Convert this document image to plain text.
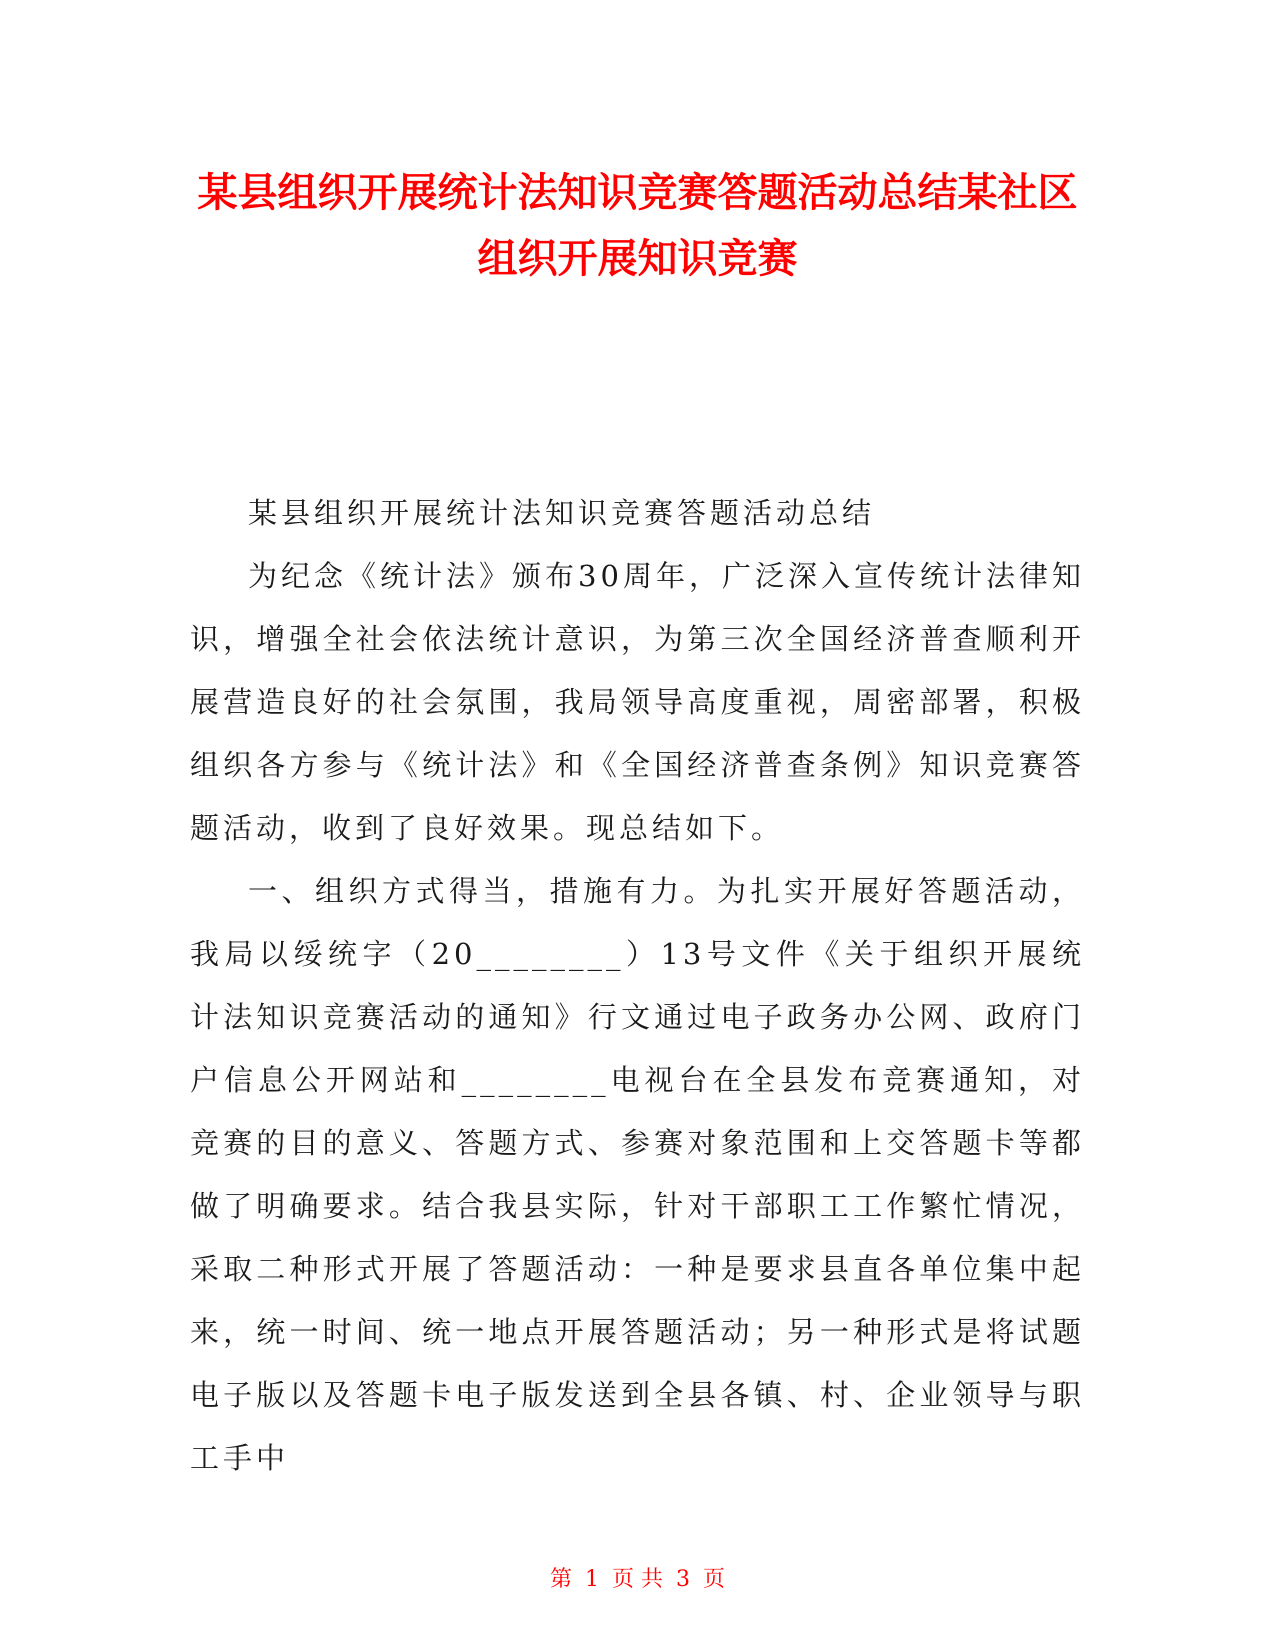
某县组织开展统计法知识竞赛答题活动总结某社区组织开展知识竞赛

某县组织开展统计法知识竞赛答题活动总结

为纪念《统计法》颁布30周年，广泛深入宣传统计法律知识，增强全社会依法统计意识，为第三次全国经济普查顺利开展营造良好的社会氛围，我局领导高度重视，周密部署，积极组织各方参与《统计法》和《全国经济普查条例》知识竞赛答题活动，收到了良好效果。现总结如下。

一、组织方式得当，措施有力。为扎实开展好答题活动，我局以绥统字（20________）13号文件《关于组织开展统计法知识竞赛活动的通知》行文通过电子政务办公网、政府门户信息公开网站和________电视台在全县发布竞赛通知，对竞赛的目的意义、答题方式、参赛对象范围和上交答题卡等都做了明确要求。结合我县实际，针对干部职工工作繁忙情况，采取二种形式开展了答题活动：一种是要求县直各单位集中起来，统一时间、统一地点开展答题活动；另一种形式是将试题电子版以及答题卡电子版发送到全县各镇、村、企业领导与职工手中

第 1 页 共 3 页
